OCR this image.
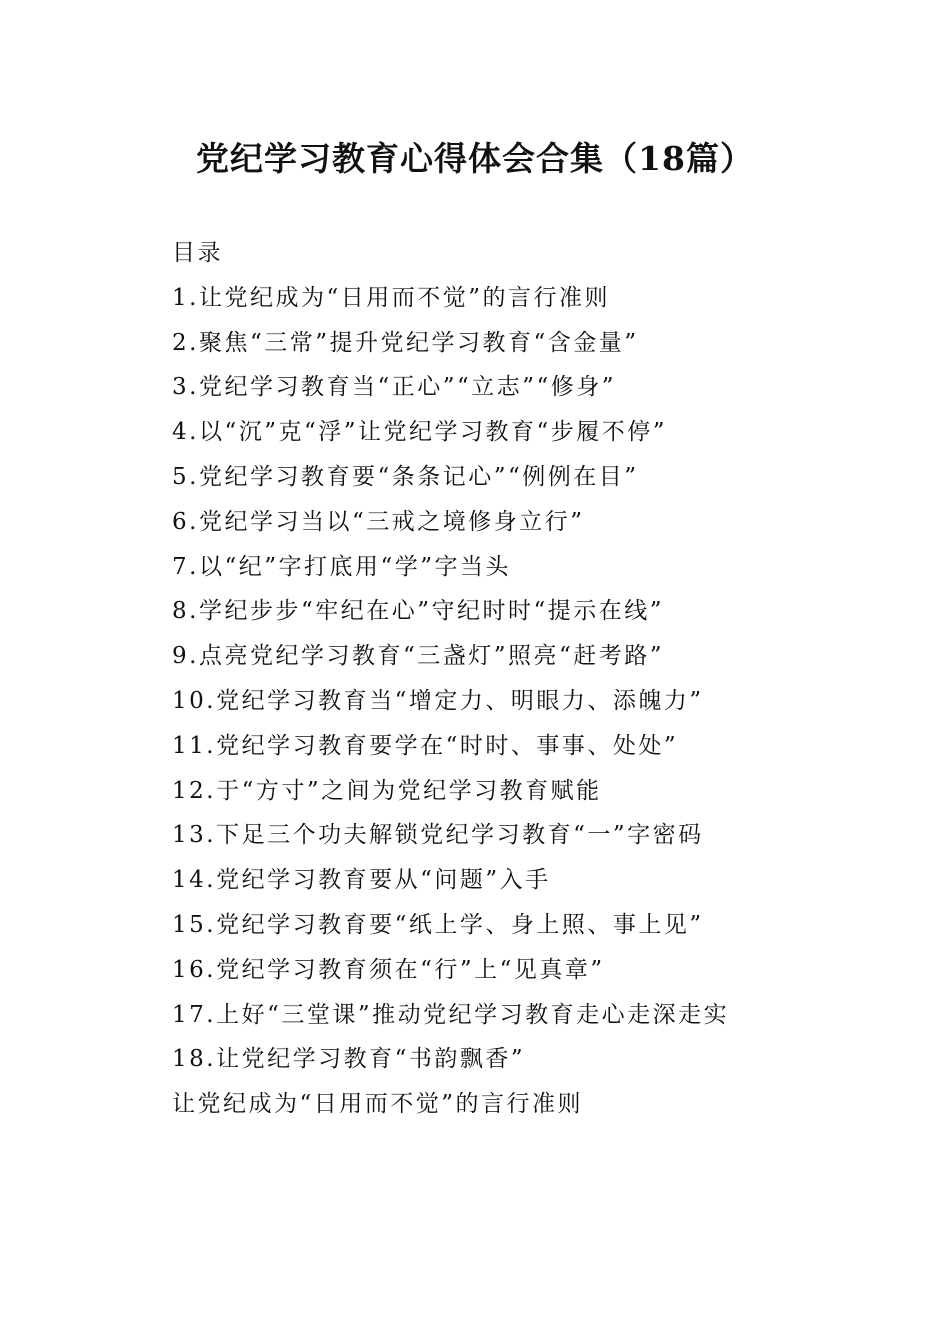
党纪学习教育心得体会合集（18篇）
目录
1.让党纪成为“日用而不觉”的言行准则
2.聚焦“三常”提升党纪学习教育“含金量”
3.党纪学习教育当“正心”“立志”“修身”
4.以“沉”克“浮”让党纪学习教育“步履不停”
5.党纪学习教育要“条条记心”“例例在目”
6.党纪学习当以“三戒之境修身立行”
7.以“纪”字打底用“学”字当头
8.学纪步步“牢纪在心”守纪时时“提示在线”
9.点亮党纪学习教育“三盏灯”照亮“赶考路”
10.党纪学习教育当“增定力、明眼力、添魄力”
11.党纪学习教育要学在“时时、事事、处处”
12.于“方寸”之间为党纪学习教育赋能
13.下足三个功夫解锁党纪学习教育“一”字密码
14.党纪学习教育要从“问题”入手
15.党纪学习教育要“纸上学、身上照、事上见”
16.党纪学习教育须在“行”上“见真章”
17.上好“三堂课”推动党纪学习教育走心走深走实
18.让党纪学习教育“书韵飘香”
让党纪成为“日用而不觉”的言行准则
